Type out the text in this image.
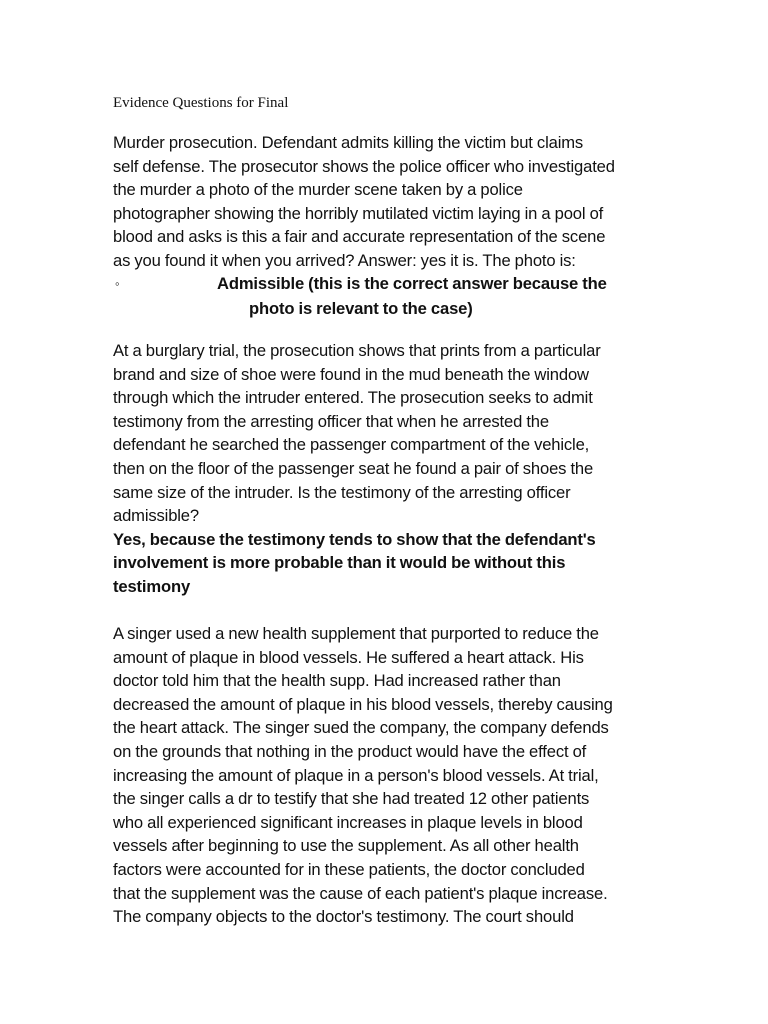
Evidence Questions for Final
Murder prosecution. Defendant admits killing the victim but claims
self defense. The prosecutor shows the police officer who investigated
the murder a photo of the murder scene taken by a police
photographer showing the horribly mutilated victim laying in a pool of
blood and asks is this a fair and accurate representation of the scene
as you found it when you arrived? Answer: yes it is. The photo is:
◦	Admissible (this is the correct answer because the
photo is relevant to the case)
At a burglary trial, the prosecution shows that prints from a particular
brand and size of shoe were found in the mud beneath the window
through which the intruder entered. The prosecution seeks to admit
testimony from the arresting officer that when he arrested the
defendant he searched the passenger compartment of the vehicle,
then on the floor of the passenger seat he found a pair of shoes the
same size of the intruder. Is the testimony of the arresting officer
admissible?
Yes, because the testimony tends to show that the defendant's
involvement is more probable than it would be without this
testimony
A singer used a new health supplement that purported to reduce the
amount of plaque in blood vessels. He suffered a heart attack. His
doctor told him that the health supp. Had increased rather than
decreased the amount of plaque in his blood vessels, thereby causing
the heart attack. The singer sued the company, the company defends
on the grounds that nothing in the product would have the effect of
increasing the amount of plaque in a person's blood vessels. At trial,
the singer calls a dr to testify that she had treated 12 other patients
who all experienced significant increases in plaque levels in blood
vessels after beginning to use the supplement. As all other health
factors were accounted for in these patients, the doctor concluded
that the supplement was the cause of each patient's plaque increase.
The company objects to the doctor's testimony. The court should
